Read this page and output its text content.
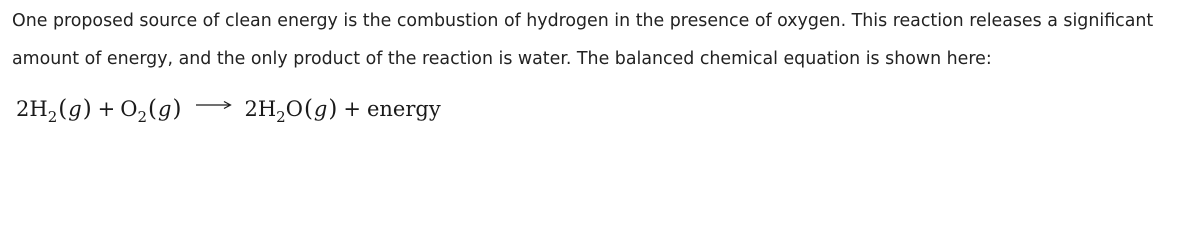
One proposed source of clean energy is the combustion of hydrogen in the presence of oxygen. This reaction releases a significant amount of energy, and the only product of the reaction is water. The balanced chemical equation is shown here:

$2H_2(g) + O_2(g)$	$2H_2O(g)$ + energy
